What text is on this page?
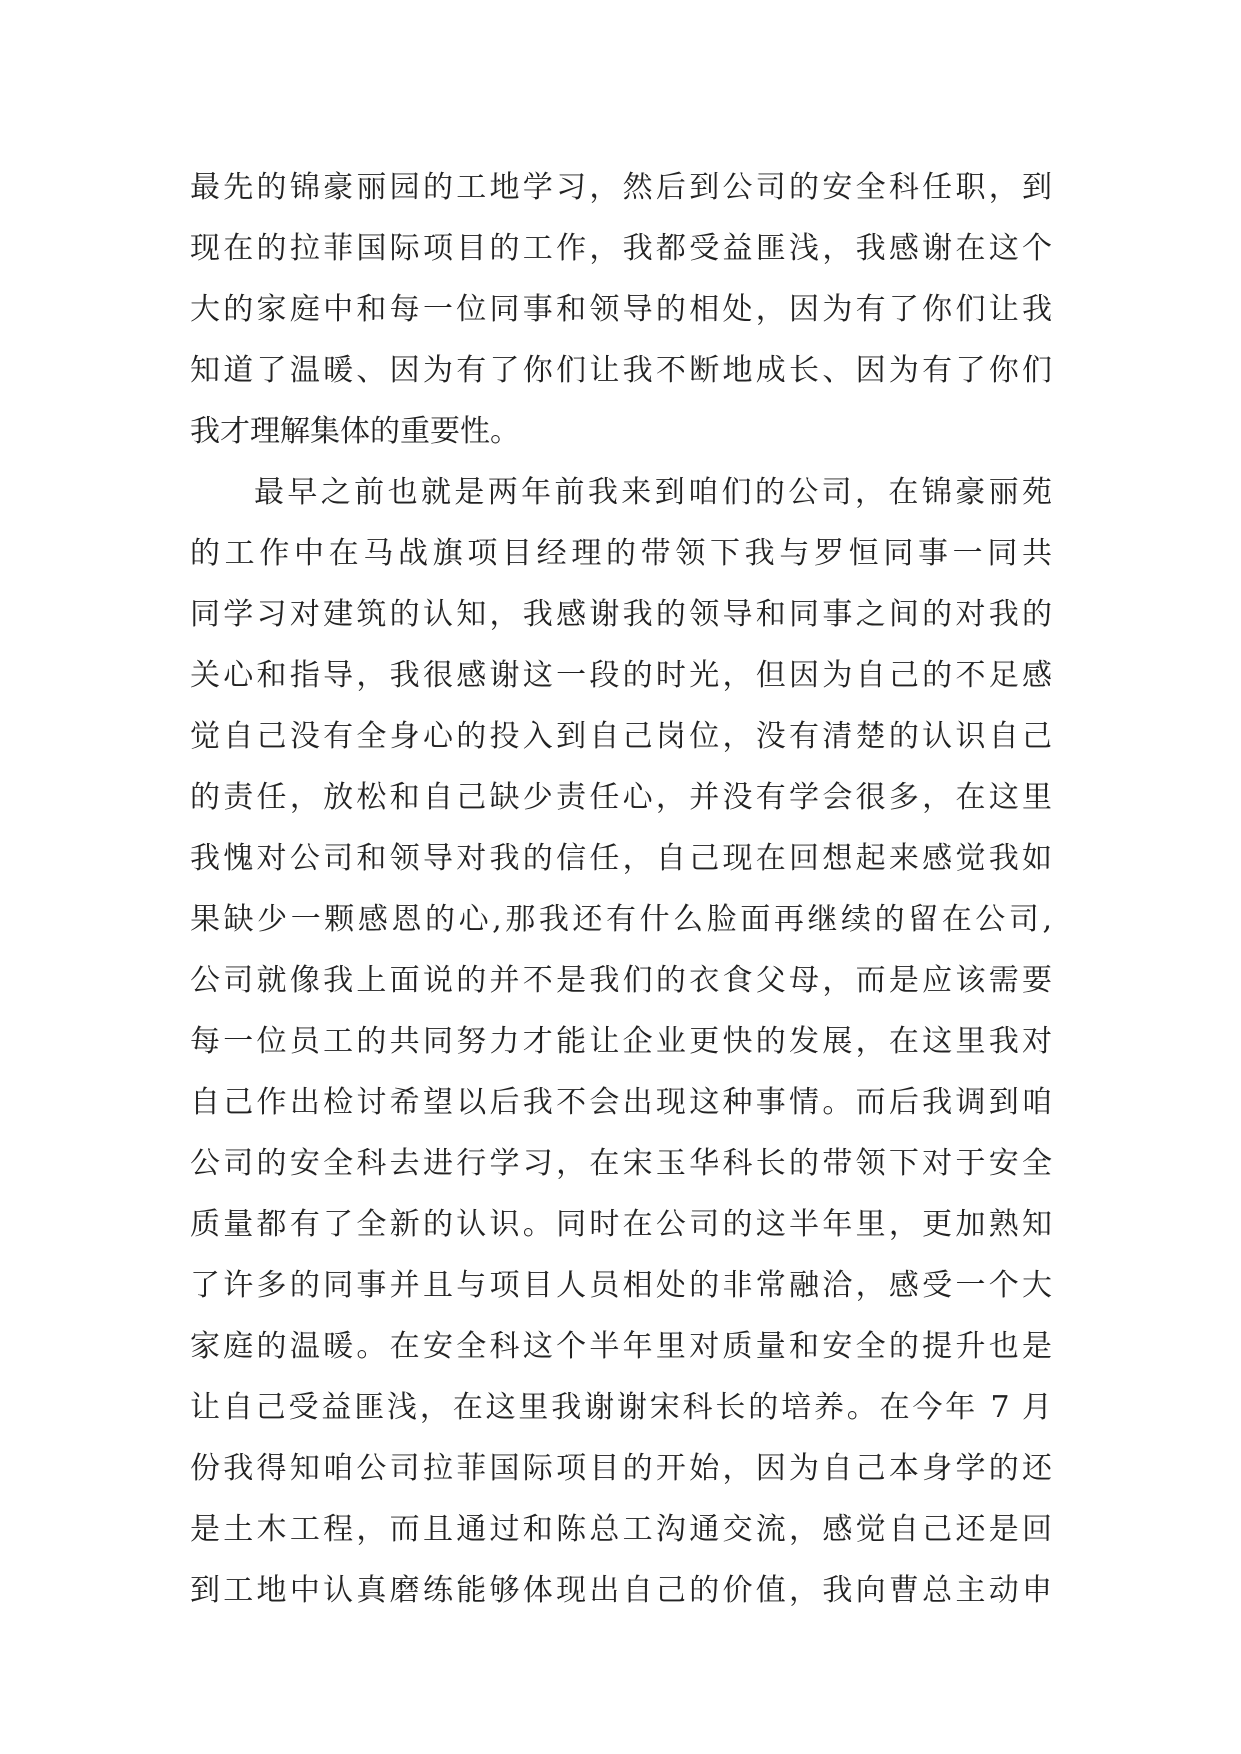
最先的锦豪丽园的工地学习，然后到公司的安全科任职，到
现在的拉菲国际项目的工作，我都受益匪浅，我感谢在这个
大的家庭中和每一位同事和领导的相处，因为有了你们让我
知道了温暖、因为有了你们让我不断地成长、因为有了你们
我才理解集体的重要性。
最早之前也就是两年前我来到咱们的公司，在锦豪丽苑
的工作中在马战旗项目经理的带领下我与罗恒同事一同共
同学习对建筑的认知，我感谢我的领导和同事之间的对我的
关心和指导，我很感谢这一段的时光，但因为自己的不足感
觉自己没有全身心的投入到自己岗位，没有清楚的认识自己
的责任，放松和自己缺少责任心，并没有学会很多，在这里
我愧对公司和领导对我的信任，自己现在回想起来感觉我如
果缺少一颗感恩的心,那我还有什么脸面再继续的留在公司,
公司就像我上面说的并不是我们的衣食父母，而是应该需要
每一位员工的共同努力才能让企业更快的发展，在这里我对
自己作出检讨希望以后我不会出现这种事情。而后我调到咱
公司的安全科去进行学习，在宋玉华科长的带领下对于安全
质量都有了全新的认识。同时在公司的这半年里，更加熟知
了许多的同事并且与项目人员相处的非常融洽，感受一个大
家庭的温暖。在安全科这个半年里对质量和安全的提升也是
让自己受益匪浅，在这里我谢谢宋科长的培养。在今年 7 月
份我得知咱公司拉菲国际项目的开始，因为自己本身学的还
是土木工程，而且通过和陈总工沟通交流，感觉自己还是回
到工地中认真磨练能够体现出自己的价值，我向曹总主动申
